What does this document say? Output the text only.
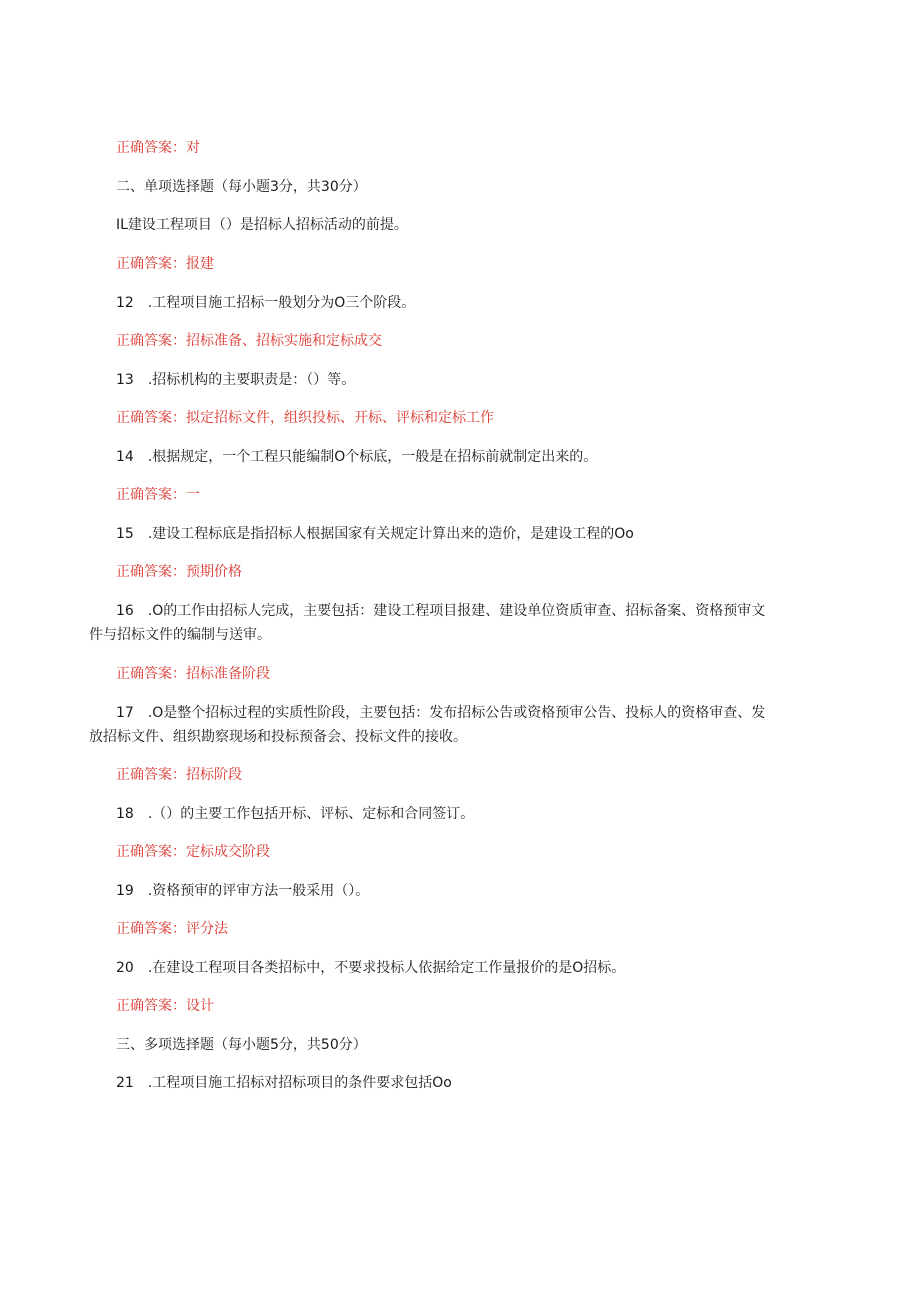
正确答案：对
二、单项选择题（每小题3分，共30分）
IL建设工程项目（）是招标人招标活动的前提。
正确答案：报建
12　.工程项目施工招标一般划分为O三个阶段。
正确答案：招标准备、招标实施和定标成交
13　.招标机构的主要职责是：（）等。
正确答案：拟定招标文件，组织投标、开标、评标和定标工作
14　.根据规定，一个工程只能编制O个标底，一般是在招标前就制定出来的。
正确答案：一
15　.建设工程标底是指招标人根据国家有关规定计算出来的造价，是建设工程的Oo
正确答案：预期价格
16　.O的工作由招标人完成，主要包括：建设工程项目报建、建设单位资质审查、招标备案、资格预审文
件与招标文件的编制与送审。
正确答案：招标准备阶段
17　.O是整个招标过程的实质性阶段，主要包括：发布招标公告或资格预审公告、投标人的资格审查、发
放招标文件、组织勘察现场和投标预备会、投标文件的接收。
正确答案：招标阶段
18　.（）的主要工作包括开标、评标、定标和合同签订。
正确答案：定标成交阶段
19　.资格预审的评审方法一般采用（）。
正确答案：评分法
20　.在建设工程项目各类招标中，不要求投标人依据给定工作量报价的是O招标。
正确答案：设计
三、多项选择题（每小题5分，共50分）
21　.工程项目施工招标对招标项目的条件要求包括Oo
